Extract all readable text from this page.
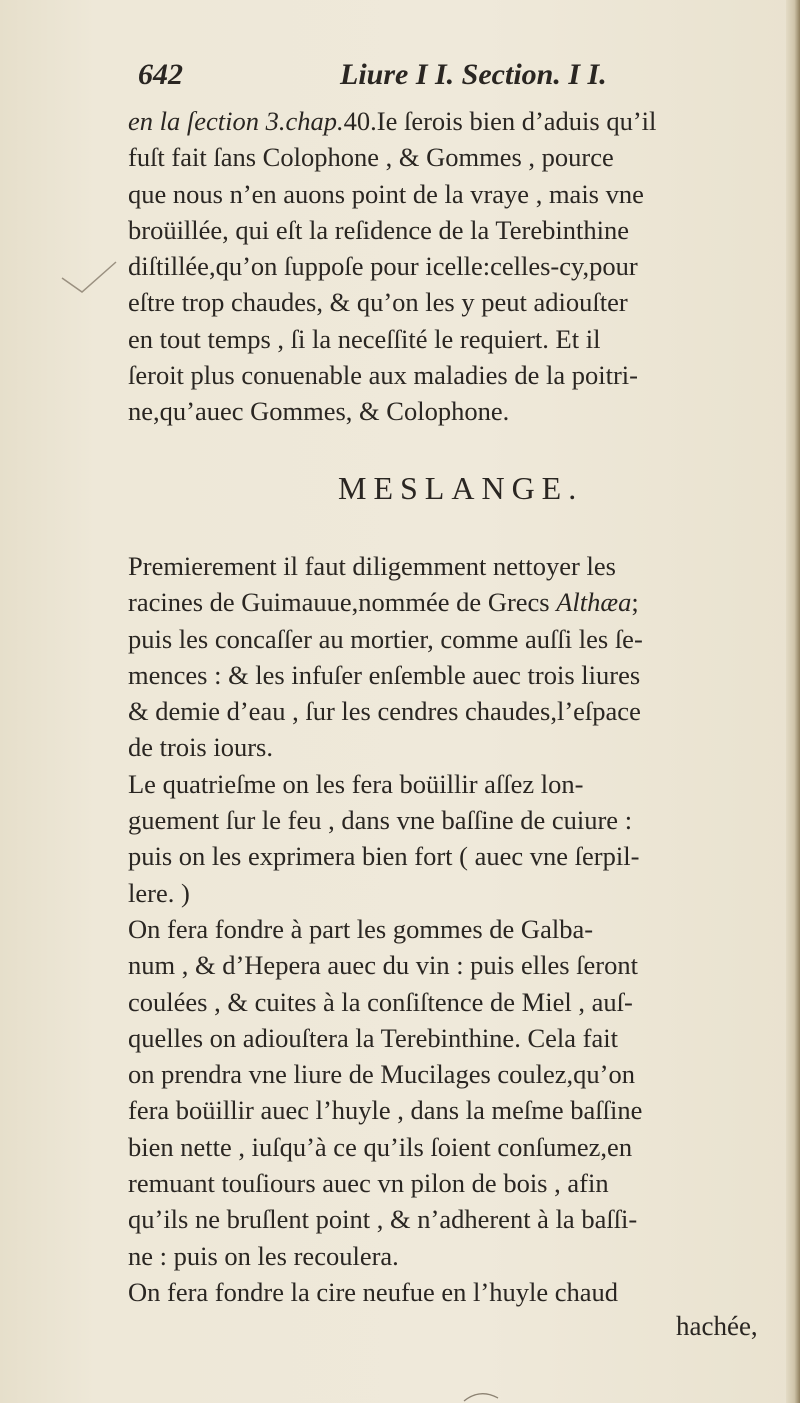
642	Liure I I. Section. I I.
en la ſection 3.chap.40.Ie ſerois bien d’aduis qu’il
fuſt fait ſans Colophone , & Gommes , pource
que nous n’en auons point de la vraye , mais vne
broüillée, qui eſt la reſidence de la Terebinthine
diſtillée,qu’on ſuppoſe pour icelle:celles-cy,pour
eſtre trop chaudes, & qu’on les y peut adiouſter
en tout temps , ſi la neceſſité le requiert. Et il
ſeroit plus conuenable aux maladies de la poitri-
ne,qu’auec Gommes, & Colophone.
MESLANGE.
Premierement il faut diligemment nettoyer les
racines de Guimauue,nommée de Grecs Althæa;
puis les concaſſer au mortier, comme auſſi les ſe-
mences : & les infuſer enſemble auec trois liures
& demie d’eau , ſur les cendres chaudes,l’eſpace
de trois iours.
Le quatrieſme on les fera boüillir aſſez lon-
guement ſur le feu , dans vne baſſine de cuiure :
puis on les exprimera bien fort ( auec vne ſerpil-
lere. )
On fera fondre à part les gommes de Galba-
num , & d’Hepera auec du vin : puis elles ſeront
coulées , & cuites à la conſiſtence de Miel , auſ-
quelles on adiouſtera la Terebinthine. Cela fait
on prendra vne liure de Mucilages coulez,qu’on
fera boüillir auec l’huyle , dans la meſme baſſine
bien nette , iuſqu’à ce qu’ils ſoient conſumez,en
remuant touſiours auec vn pilon de bois , afin
qu’ils ne bruſlent point , & n’adherent à la baſſi-
ne : puis on les recoulera.
On fera fondre la cire neufue en l’huyle chaud
hachée,
